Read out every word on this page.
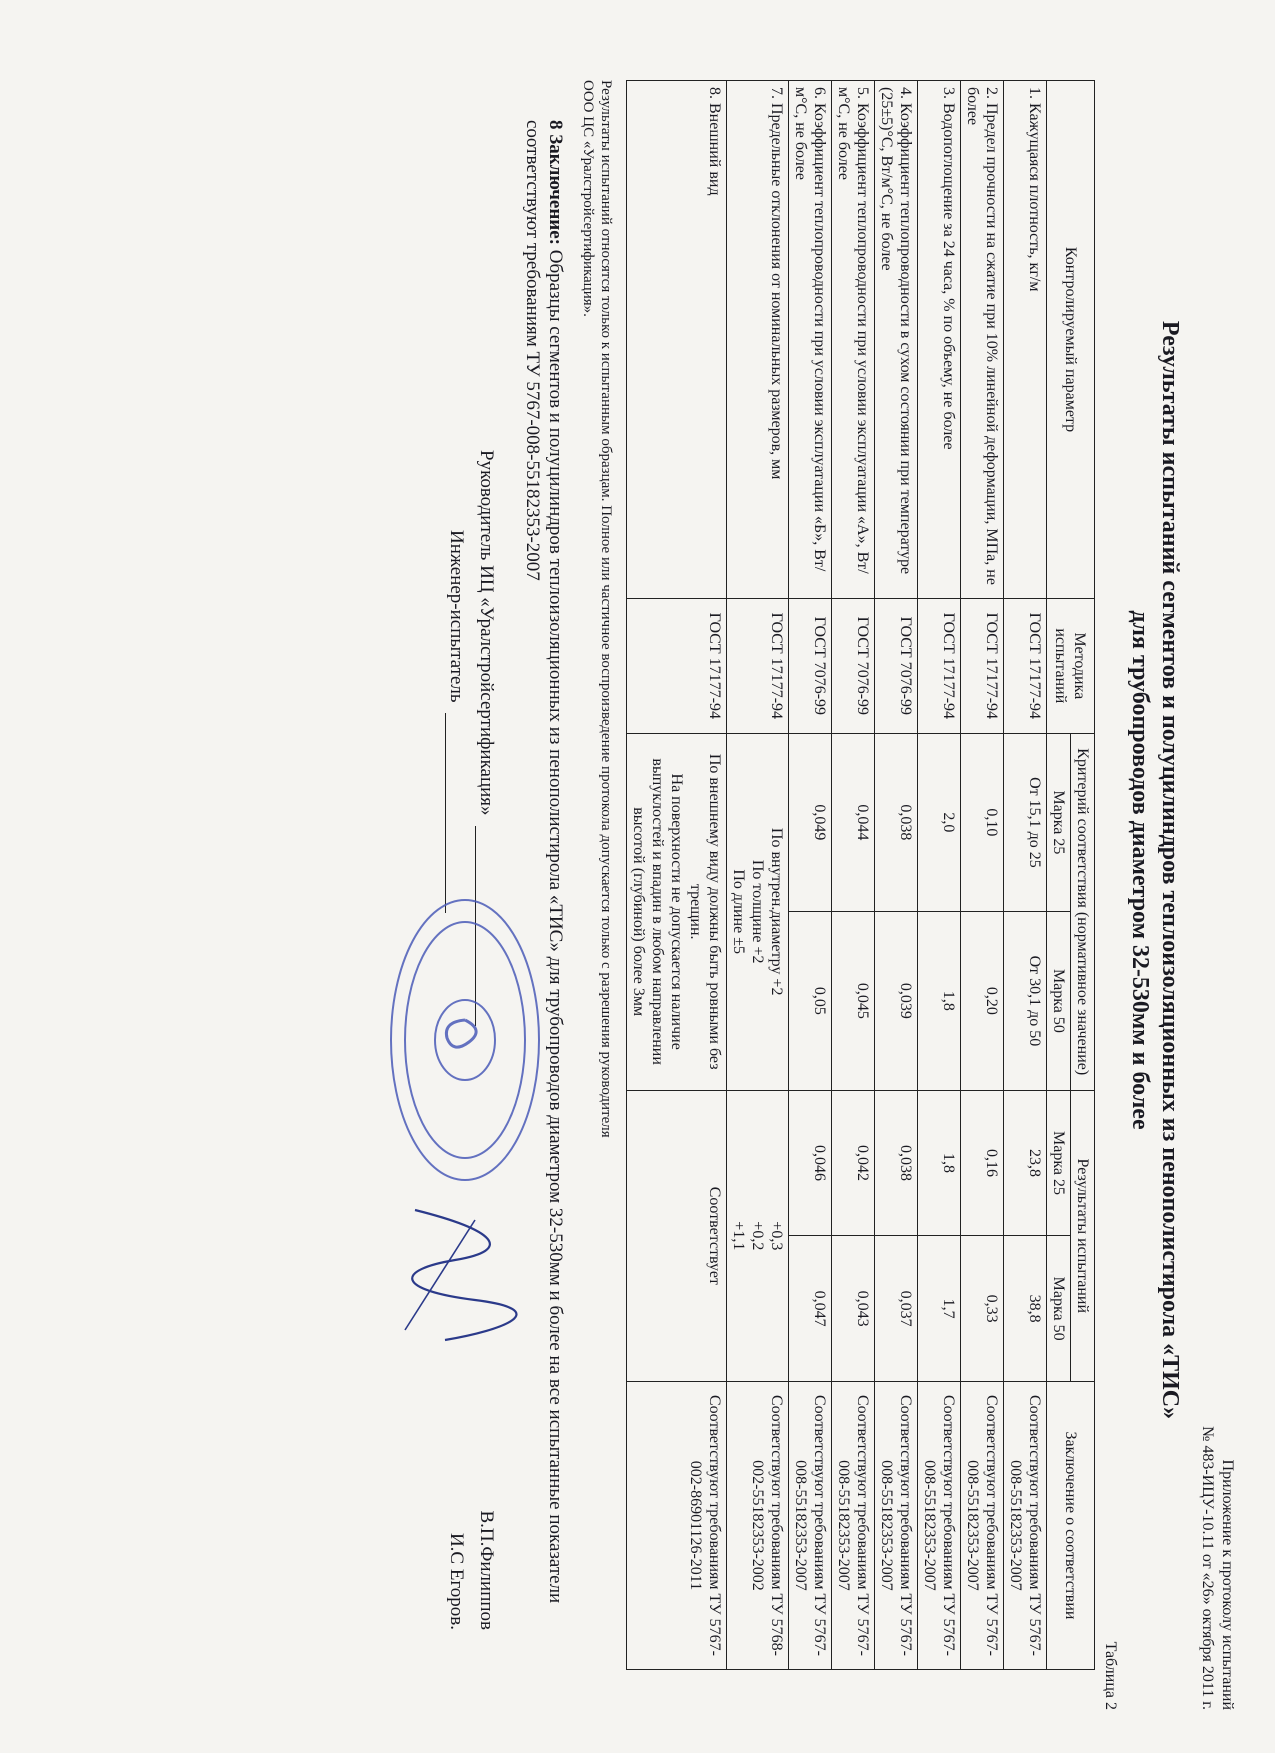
Приложение к протоколу испытаний
№ 483-ИЦУ-10.11 от «26» октября 2011 г.
Результаты испытаний сегментов и полуцилиндров теплоизоляционных из пенополистирола «ТИС»
для трубопроводов диаметром 32-530мм и более
Таблица 2
Контролируемый параметр	Методика испытаний	Критерий соответствия (нормативное значение)		Результаты испытаний		Заключение о соответствии
		Марка 25	Марка 50	Марка 25	Марка 50	
1. Кажущаяся плотность, кг/м	ГОСТ 17177-94	От 15,1 до 25	От 30,1 до 50	23,8	38,8	Соответствуют требованиям ТУ 5767-008-55182353-2007
2. Предел прочности на сжатие при 10% линейной деформации, МПа, не более	ГОСТ 17177-94	0,10	0,20	0,16	0,33	Соответствуют требованиям ТУ 5767-008-55182353-2007
3. Водопоглощение за 24 часа, % по объему, не более	ГОСТ 17177-94	2,0	1,8	1,8	1,7	Соответствуют требованиям ТУ 5767-008-55182353-2007
4. Коэффициент теплопроводности в сухом состоянии при температуре (25±5)°С, Вт/м°С, не более	ГОСТ 7076-99	0,038	0,039	0,038	0,037	Соответствуют требованиям ТУ 5767-008-55182353-2007
5. Коэффициент теплопроводности при условии эксплуатации «А», Вт/м°С, не более	ГОСТ 7076-99	0,044	0,045	0,042	0,043	Соответствуют требованиям ТУ 5767-008-55182353-2007
6. Коэффициент теплопроводности при условии эксплуатации «Б», Вт/м°С, не более	ГОСТ 7076-99	0,049	0,05	0,046	0,047	Соответствуют требованиям ТУ 5767-008-55182353-2007
7. Предельные отклонения от номинальных размеров, мм	ГОСТ 17177-94	По внутрен.диаметру +2
По толщине +2
По длине ±5		+0,3
+0,2
+1,1		Соответствуют требованиям ТУ 5768-002-55182353-2002
8. Внешний вид	ГОСТ 17177-94	По внешнему виду должны быть ровными без трещин.
На поверхности не допускается наличие выпуклостей и впадин в любом направлении высотой (глубиной) более 3мм		Соответствует		Соответствуют требованиям ТУ 5767-002-86901126-2011
Результаты испытаний относятся только к испытанным образцам. Полное или частичное воспроизведение протокола допускается только с разрешения руководителя
ООО ЦС «Уралстройсертификация».
8 Заключение: Образцы сегментов и полуцилиндров теплоизоляционных из пенополистирола «ТИС» для трубопроводов диаметром 32-530мм и более на все испытанные показатели соответствуют требованиям ТУ 5767-008-55182353-2007
Руководитель ИЦ «Уралстройсертификация»
В.П.Филиппов
Инженер-испытатель
И.С Егоров.
